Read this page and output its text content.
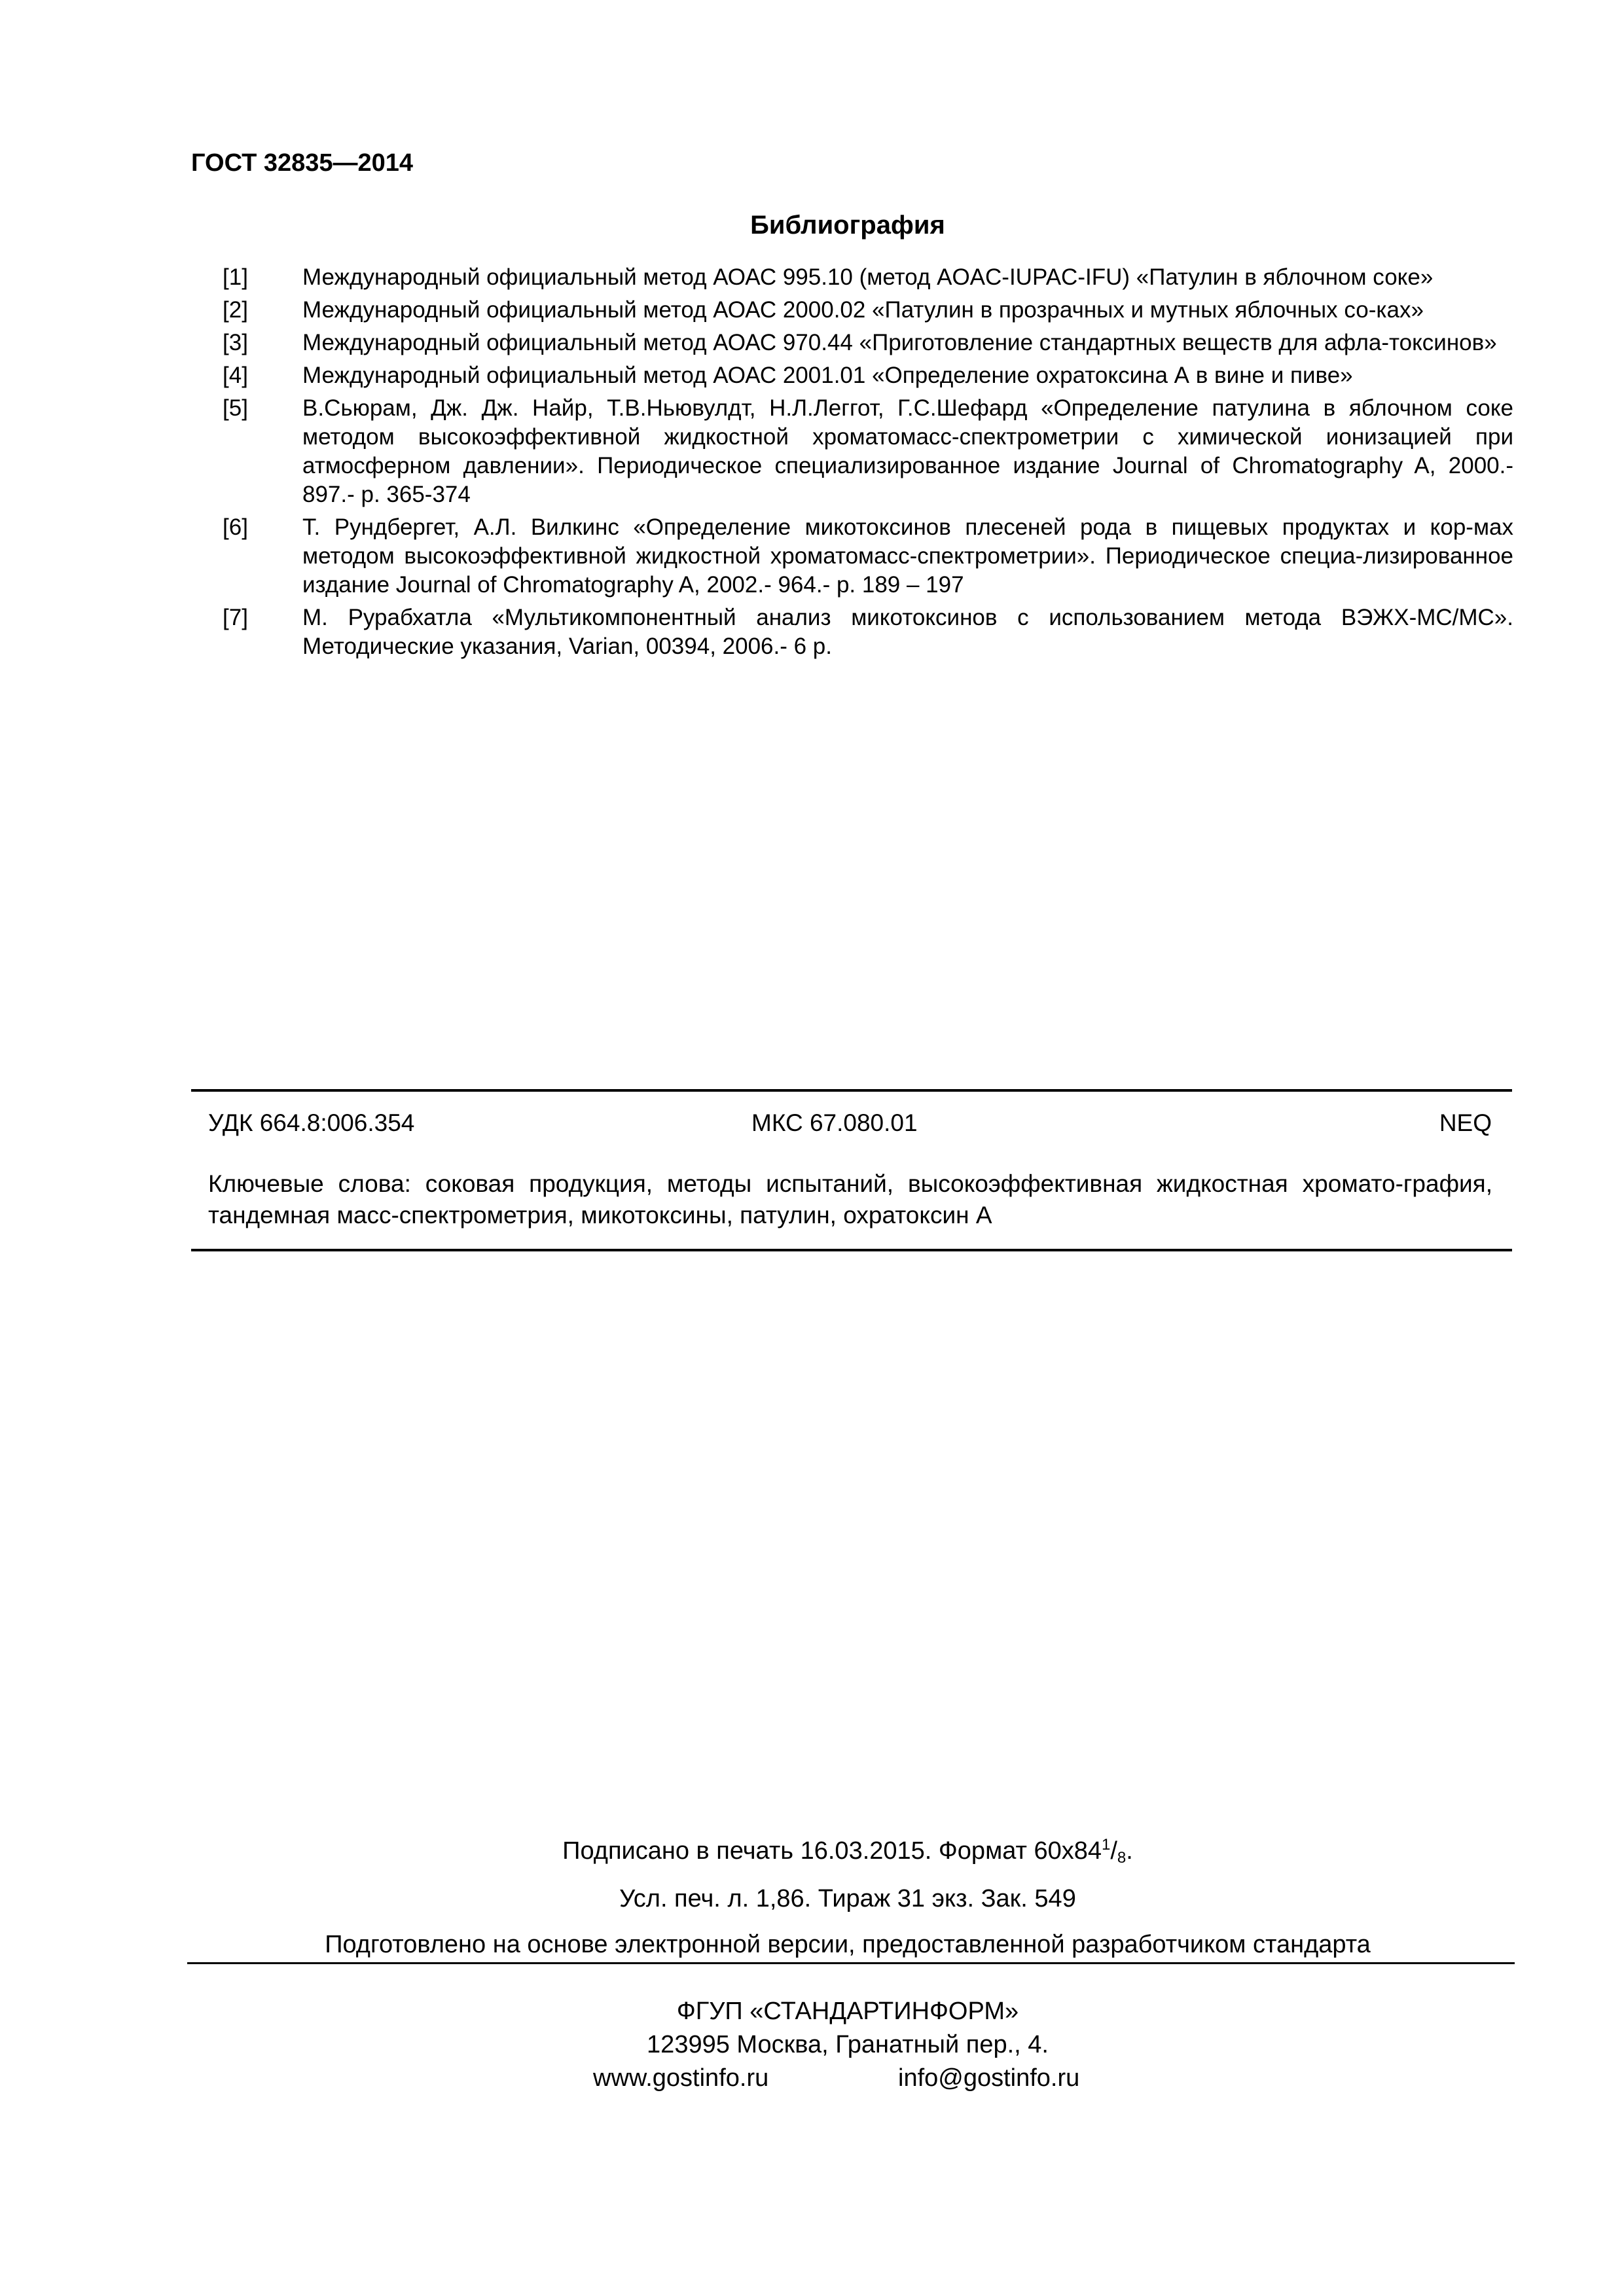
ГОСТ 32835—2014
Библиография
[1] Международный официальный метод АОАС 995.10 (метод AOAC-IUPAC-IFU) «Патулин в яблочном соке»
[2] Международный официальный метод АОАС 2000.02 «Патулин в прозрачных и мутных яблочных со-ках»
[3] Международный официальный метод АОАС 970.44 «Приготовление стандартных веществ для афла-токсинов»
[4] Международный официальный метод АОАС 2001.01 «Определение охратоксина А в вине и пиве»
[5] В.Сьюрам, Дж. Дж. Найр, Т.В.Ньювулдт, Н.Л.Леггот, Г.С.Шефард «Определение патулина в яблочном соке методом высокоэффективной жидкостной хроматомасс-спектрометрии с химической ионизацией при атмосферном давлении». Периодическое специализированное издание Journal of Chromatography A, 2000.- 897.- p. 365-374
[6] Т. Рундбергет, А.Л. Вилкинс «Определение микотоксинов плесеней рода в пищевых продуктах и кор-мах методом высокоэффективной жидкостной хроматомасс-спектрометрии». Периодическое специа-лизированное издание Journal of Chromatography A, 2002.- 964.- p. 189 – 197
[7] М. Рурабхатла «Мультикомпонентный анализ микотоксинов с использованием метода ВЭЖХ-МС/МС». Методические указания, Varian, 00394, 2006.- 6 р.
УДК 664.8:006.354	МКС 67.080.01	NEQ
Ключевые слова: соковая продукция, методы испытаний, высокоэффективная жидкостная хромато-графия, тандемная масс-спектрометрия, микотоксины, патулин, охратоксин А
Подписано в печать 16.03.2015. Формат $60x84^1/_8$.
Усл. печ. л. 1,86. Тираж 31 экз. Зак. 549
Подготовлено на основе электронной версии, предоставленной разработчиком стандарта
ФГУП «СТАНДАРТИНФОРМ»
123995 Москва, Гранатный пер., 4.
www.gostinfo.ru	info@gostinfo.ru
